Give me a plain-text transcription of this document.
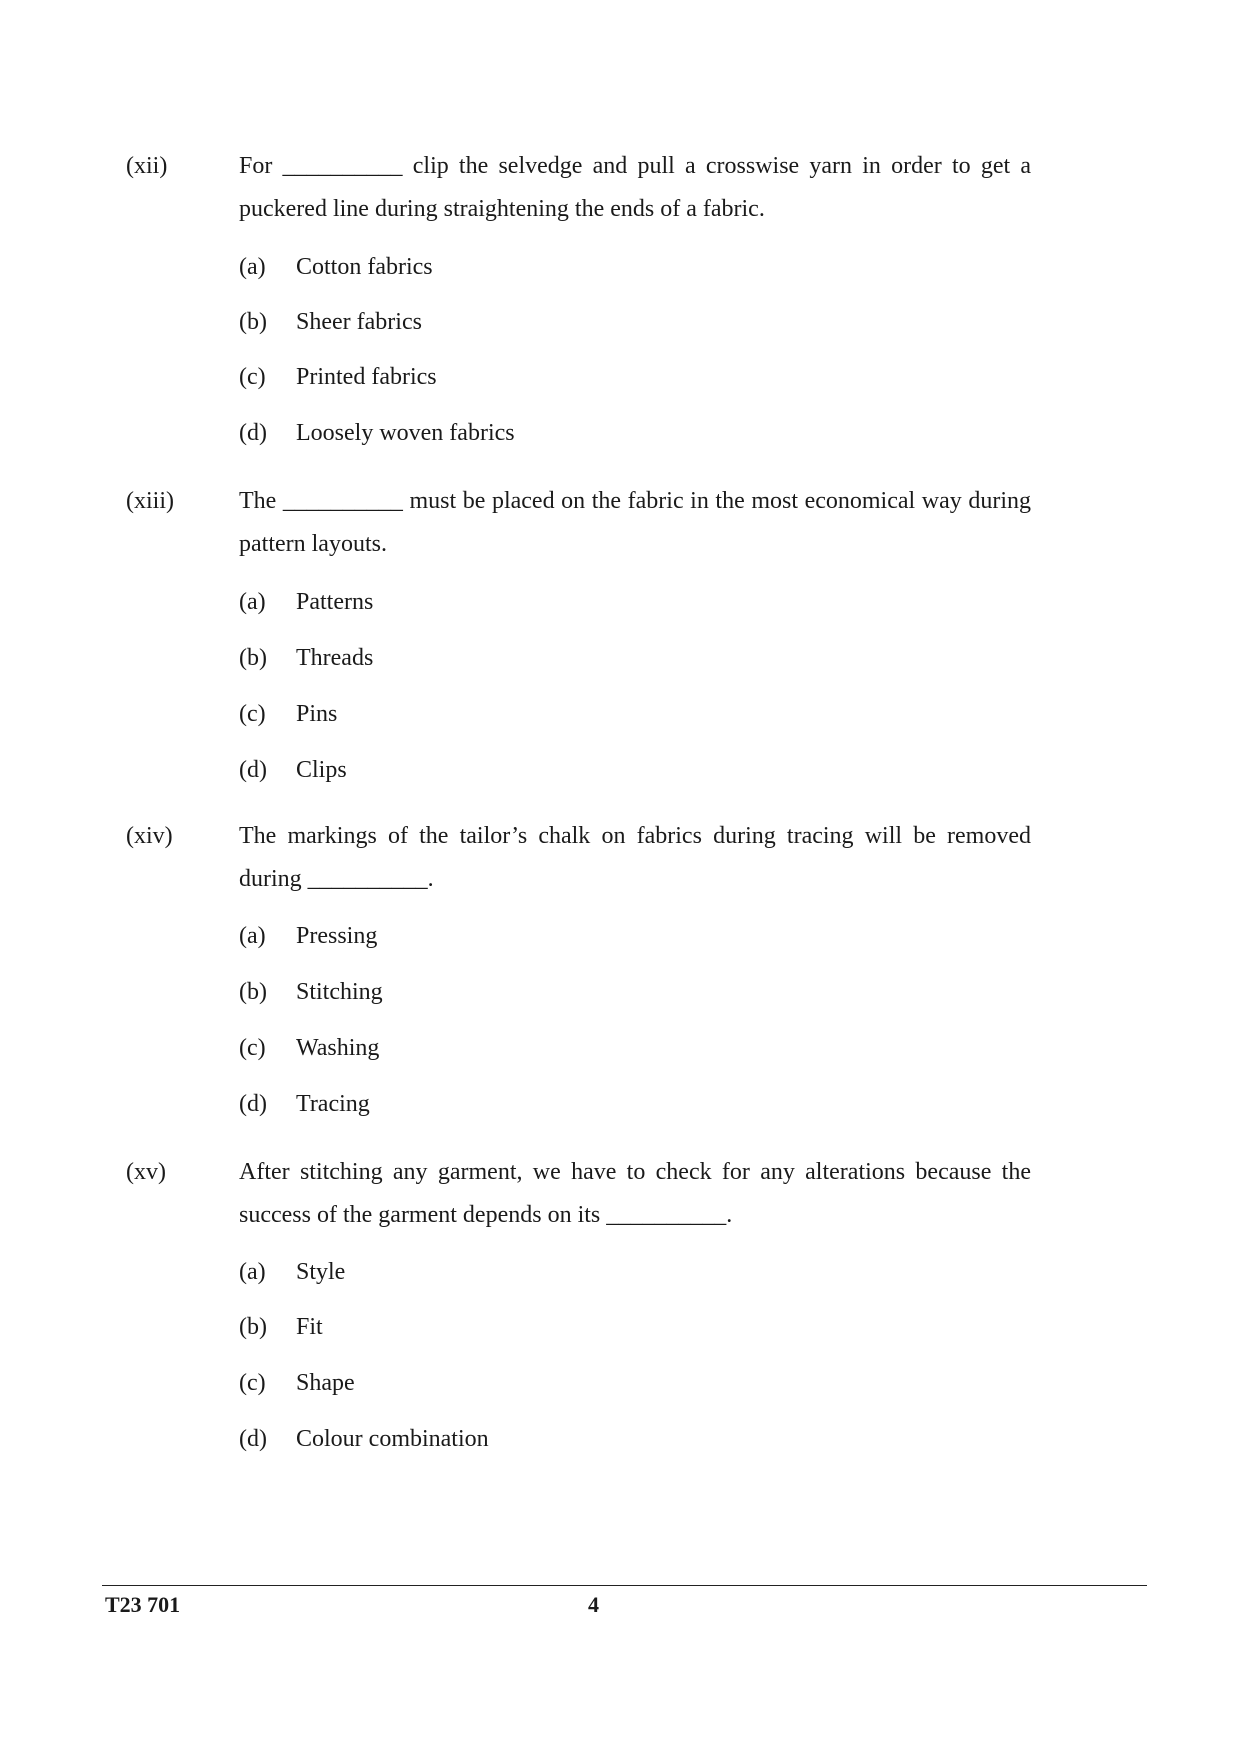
(xii)	For __________ clip the selvedge and pull a crosswise yarn in order to get a puckered line during straightening the ends of a fabric.
(a) Cotton fabrics
(b) Sheer fabrics
(c) Printed fabrics
(d) Loosely woven fabrics
(xiii)	The __________ must be placed on the fabric in the most economical way during pattern layouts.
(a) Patterns
(b) Threads
(c) Pins
(d) Clips
(xiv)	The markings of the tailor’s chalk on fabrics during tracing will be removed during __________.
(a) Pressing
(b) Stitching
(c) Washing
(d) Tracing
(xv)	After stitching any garment, we have to check for any alterations because the success of the garment depends on its __________.
(a) Style
(b) Fit
(c) Shape
(d) Colour combination
T23 701	4
